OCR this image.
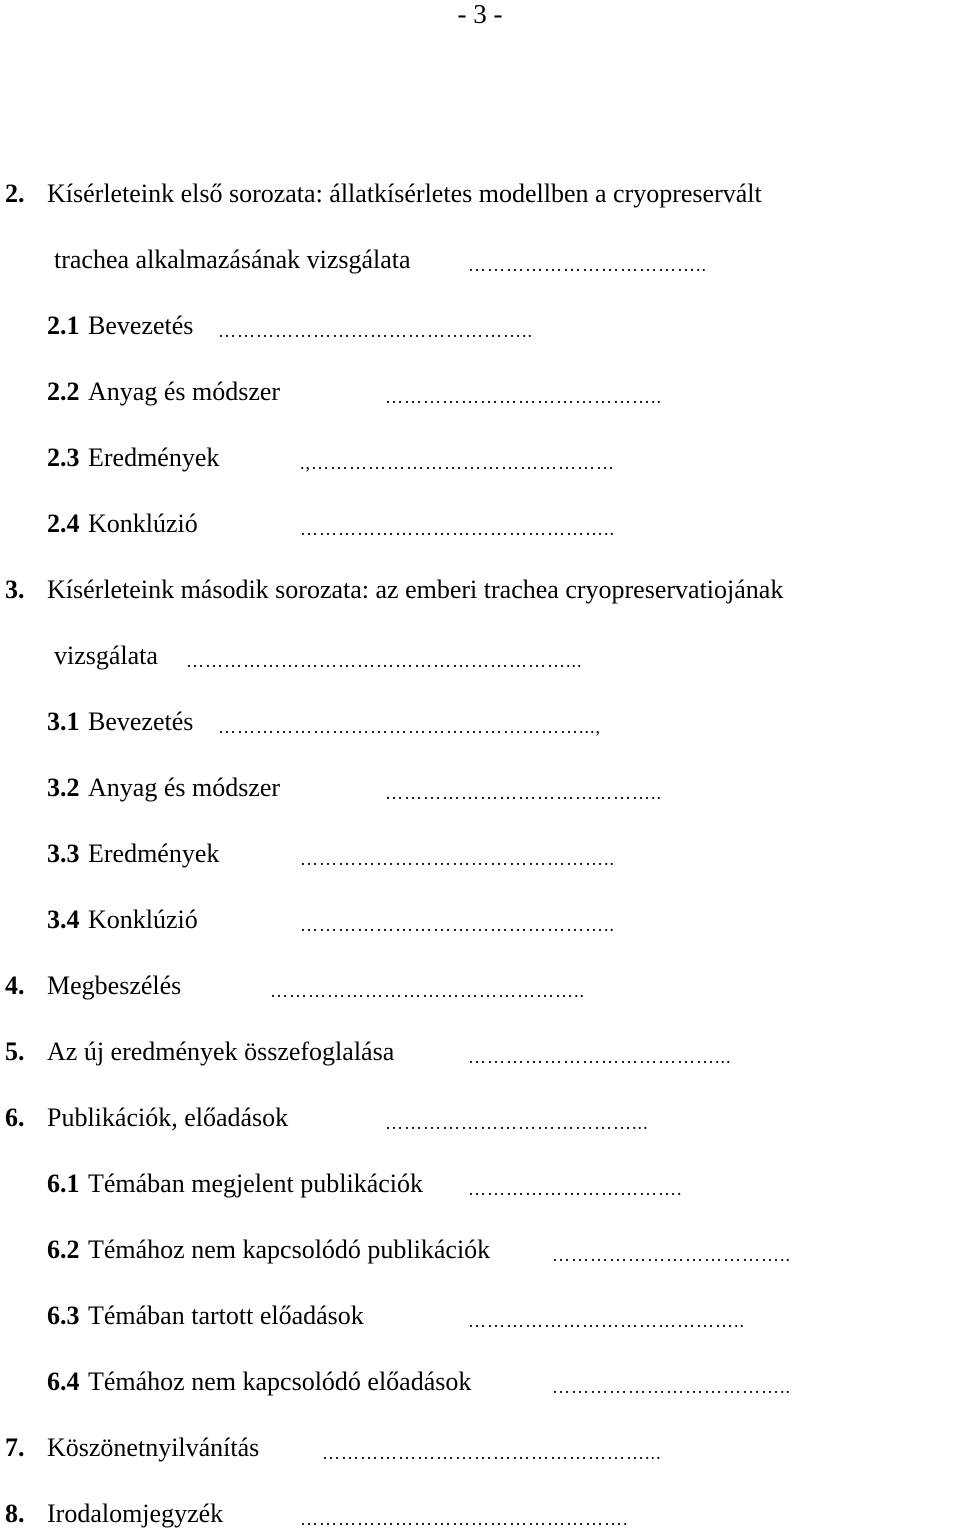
- 3 -
2. Kísérleteink első sorozata: állatkísérletes modellben a cryopreservált
trachea alkalmazásának vizsgálata	………………………………..
2.1 Bevezetés …………………………………………..
2.2 Anyag és módszer	……………………………………..
2.3 Eredmények	.,…………………………………………
2.4 Konklúzió	…………………………………………..
3. Kísérleteink második sorozata: az emberi trachea cryopreservatiojának
vizsgálata ……………………………………………………...
3.1 Bevezetés …………………………………………………...,
3.2 Anyag és módszer	……………………………………..
3.3 Eredmények	…………………………………………..
3.4 Konklúzió	…………………………………………..
4. Megbeszélés	…………………………………………..
5. Az új eredmények összefoglalása	…………………………………...
6. Publikációk, előadások	…………………………………...
6.1 Témában megjelent publikációk	…………………………….
6.2 Témához nem kapcsolódó publikációk	………………………………..
6.3 Témában tartott előadások	……………………………………..
6.4 Témához nem kapcsolódó előadások	………………………………..
7. Köszönetnyilvánítás	……………………………………………...
8. Irodalomjegyzék	…………………………………………….
